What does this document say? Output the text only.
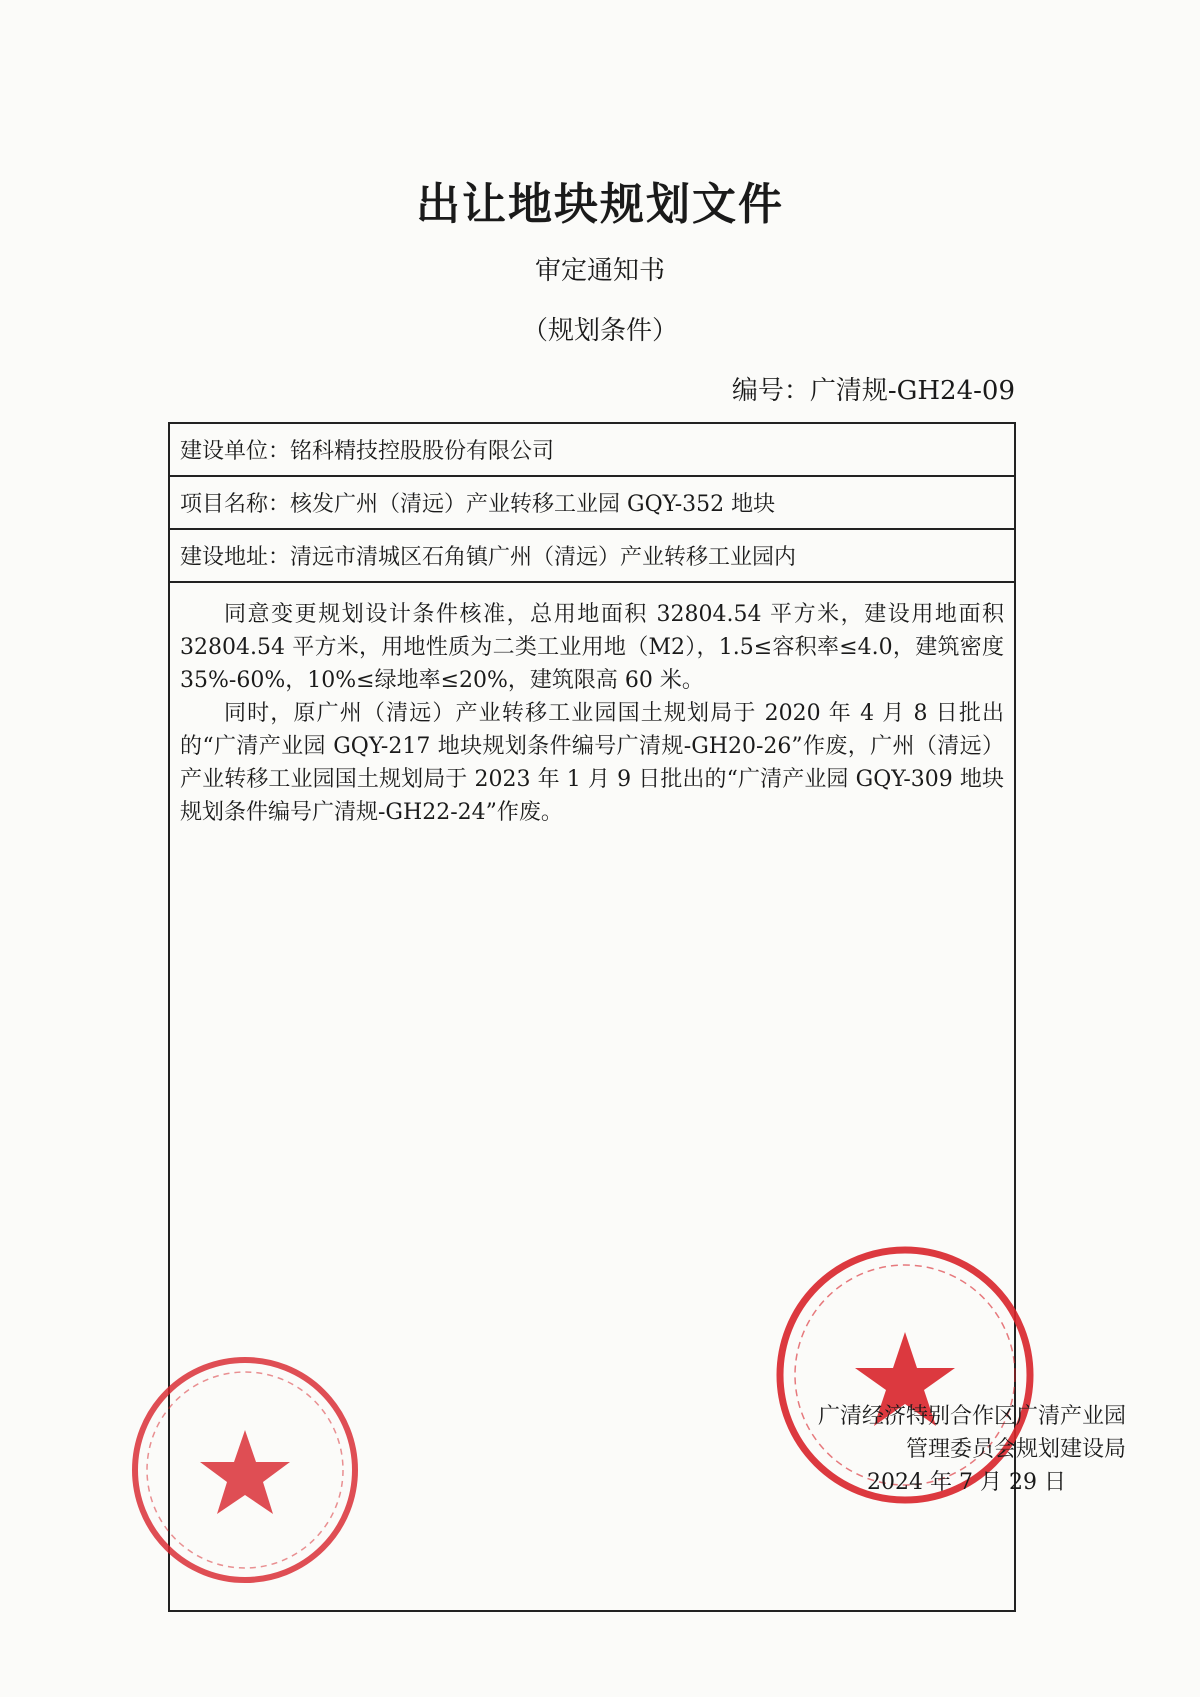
出让地块规划文件
审定通知书
（规划条件）
编号：广清规-GH24-09
建设单位：铭科精技控股股份有限公司
项目名称：核发广州（清远）产业转移工业园 GQY-352 地块
建设地址：清远市清城区石角镇广州（清远）产业转移工业园内

同意变更规划设计条件核准，总用地面积 32804.54 平方米，建设用地面积 32804.54 平方米，用地性质为二类工业用地（M2），1.5≤容积率≤4.0，建筑密度 35%-60%，10%≤绿地率≤20%，建筑限高 60 米。

同时，原广州（清远）产业转移工业园国土规划局于 2020 年 4 月 8 日批出的“广清产业园 GQY-217 地块规划条件编号广清规-GH20-26”作废，广州（清远）产业转移工业园国土规划局于 2023 年 1 月 9 日批出的“广清产业园 GQY-309 地块规划条件编号广清规-GH22-24”作废。

广清经济特别合作区广清产业园
管理委员会规划建设局
2024 年 7 月 29 日
